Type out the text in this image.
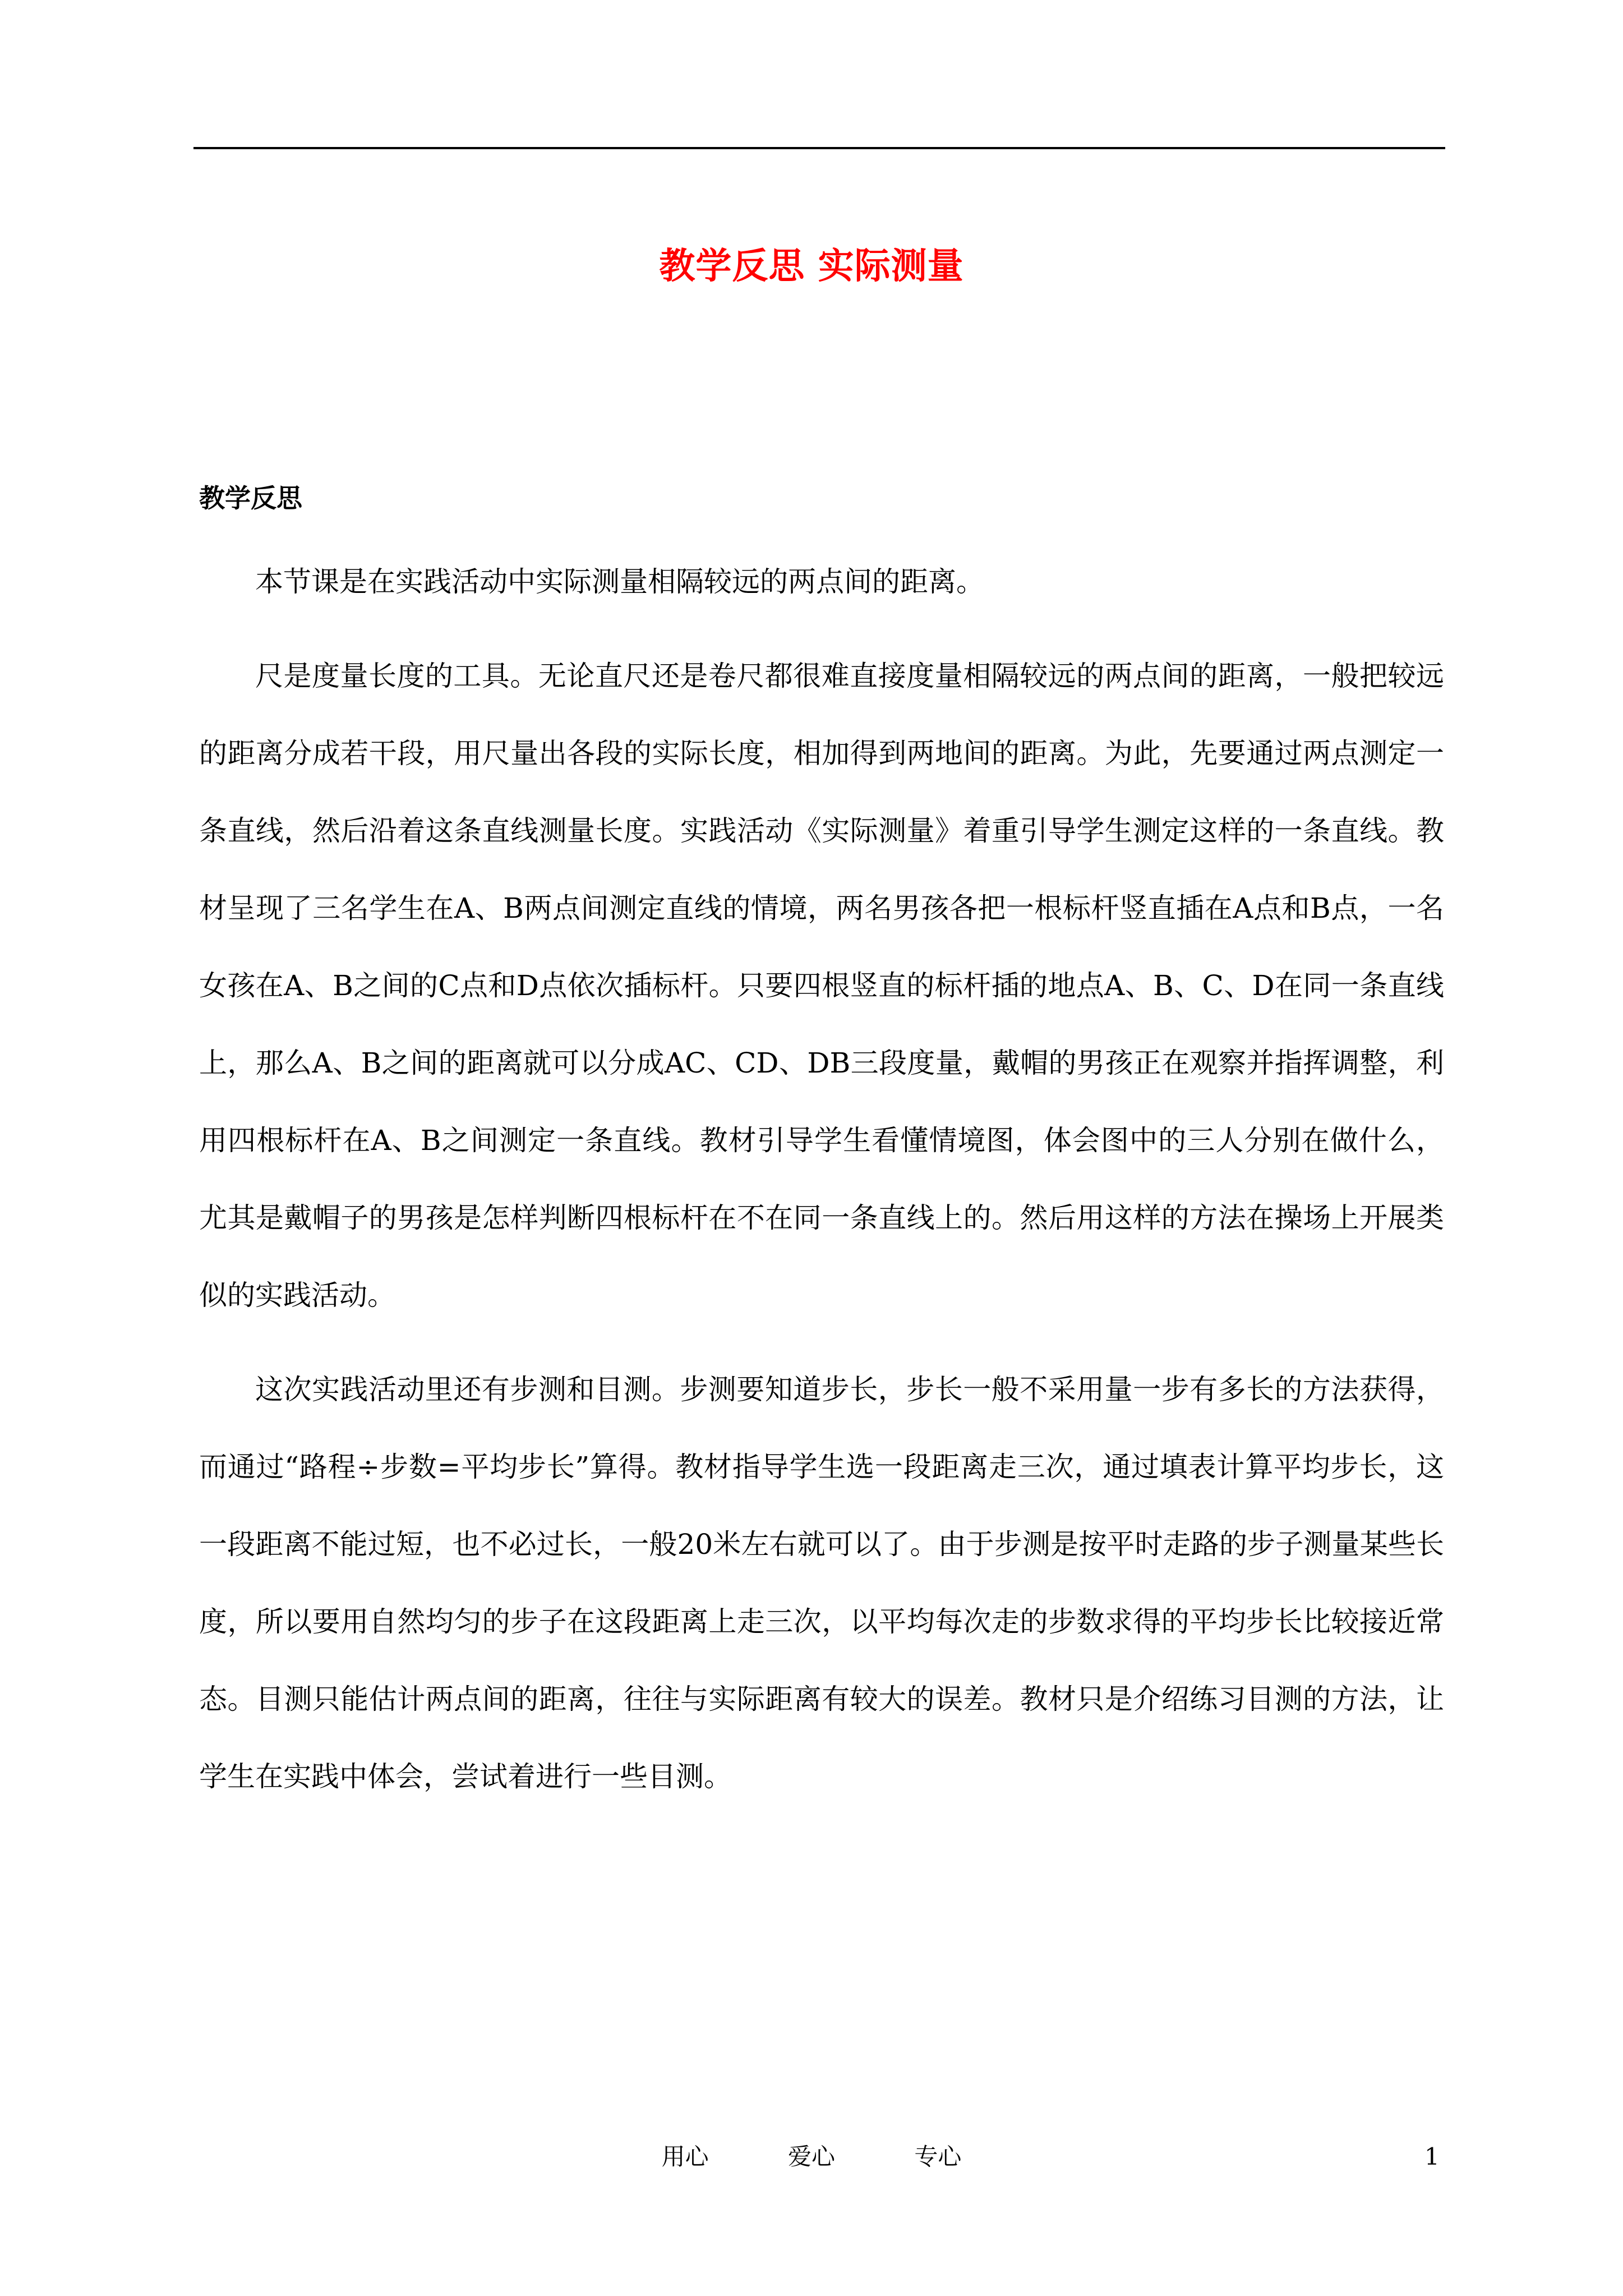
教学反思 实际测量
教学反思

本节课是在实践活动中实际测量相隔较远的两点间的距离。

尺是度量长度的工具。无论直尺还是卷尺都很难直接度量相隔较远的两点间的距离，一般把较远的距离分成若干段，用尺量出各段的实际长度，相加得到两地间的距离。为此，先要通过两点测定一条直线，然后沿着这条直线测量长度。实践活动《实际测量》着重引导学生测定这样的一条直线。教材呈现了三名学生在A、B两点间测定直线的情境，两名男孩各把一根标杆竖直插在A点和B点，一名女孩在A、B之间的C点和D点依次插标杆。只要四根竖直的标杆插的地点A、B、C、D在同一条直线上，那么A、B之间的距离就可以分成AC、CD、DB三段度量，戴帽的男孩正在观察并指挥调整，利用四根标杆在A、B之间测定一条直线。教材引导学生看懂情境图，体会图中的三人分别在做什么，尤其是戴帽子的男孩是怎样判断四根标杆在不在同一条直线上的。然后用这样的方法在操场上开展类似的实践活动。

这次实践活动里还有步测和目测。步测要知道步长，步长一般不采用量一步有多长的方法获得，而通过“路程÷步数=平均步长”算得。教材指导学生选一段距离走三次，通过填表计算平均步长，这一段距离不能过短，也不必过长，一般20米左右就可以了。由于步测是按平时走路的步子测量某些长度，所以要用自然均匀的步子在这段距离上走三次，以平均每次走的步数求得的平均步长比较接近常态。目测只能估计两点间的距离，往往与实际距离有较大的误差。教材只是介绍练习目测的方法，让学生在实践中体会，尝试着进行一些目测。

用心	爱心	专心	1
